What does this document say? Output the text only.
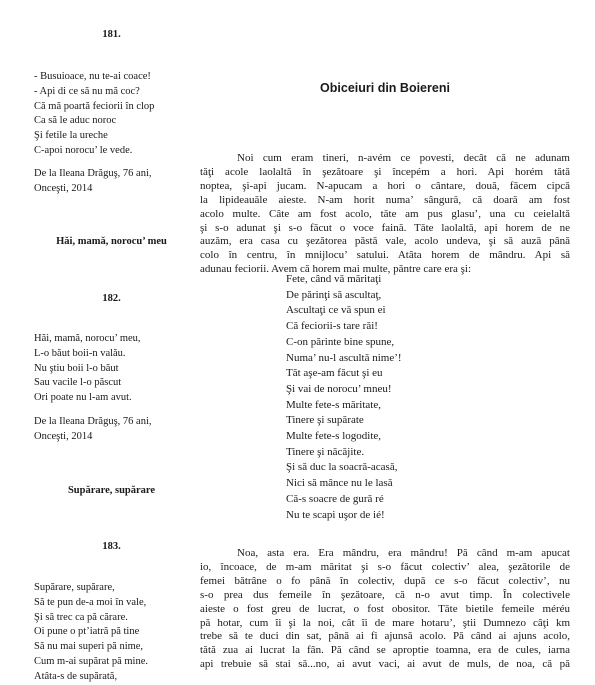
181.
- Busuioace, nu te-ai coace!
- Api di ce să nu mă coc?
Că mă poartă feciorii în clop
Ca să le aduc noroc
Şi fetile la ureche
C-apoi norocu’ le vede.
De la Ileana Drăguş, 76 ani,
Onceşti, 2014
Hăi, mamă, norocu’ meu
182.
Hăi, mamă, norocu’ meu,
L-o băut boii-n valău.
Nu ştiu boii l-o băut
Sau vacile l-o păscut
Ori poate nu l-am avut.
De la Ileana Drăguş, 76 ani,
Onceşti, 2014
Supărare, supărare
183.
Supărare, supărare,
Să te pun de-a moi în vale,
Şi să trec ca pă cărare.
Oi pune o pt’iatră pă tine
Să nu mai superi pă nime,
Cum m-ai supărat pă mine.
Atâta-s de supărată,
Obiceiuri din Boiereni
Noi cum eram tineri, n-avém ce povesti, decât că ne adunam
tăţi acole laolaltă în şezătoare şi începém a hori. Api horém tătă
noptea, şi-api jucam. N-apucam a hori o cântare, două, făcem cipcă
la lipideauăle aieste. N-am horit numa’ sângură, că doară am fost
acolo multe. Câte am fost acolo, tăte am pus glasu’, una cu ceielaltă
şi s-o adunat şi s-o făcut o voce faină. Tăte laolaltă, api horem de ne
auzăm, era casa cu şezătorea păstă vale, acolo undeva, şi să auză până
colo în centru, în mnijlocu’ satului. Atâta horem de mândru. Api să
adunau feciorii. Avem că horem mai multe, păntre care era şi:
Fete, când vă măritaţi
De părinţi să ascultaţ,
Ascultaţi ce vă spun ei
Că feciorii-s tare răi!
C-on părinte bine spune,
Numa’ nu-l ascultă nime’!
Tăt aşe-am făcut şi eu
Şi vai de norocu’ mneu!
Multe fete-s măritate,
Tinere şi supărate
Multe fete-s logodite,
Tinere şi năcăjite.
Şi să duc la soacră-acasă,
Nici să mânce nu le lasă
Că-s soacre de gură ré
Nu te scapi uşor de ié!
Noa, asta era. Era mândru, era mândru! Pă când m-am apucat
io, încoace, de m-am măritat şi s-o făcut colectiv’ alea, şezătorile de
femei bătrâne o fo până în colectiv, după ce s-o făcut colectiv’, nu
s-o prea dus femeile în şezătoare, că n-o avut timp. În colectivele
aieste o fost greu de lucrat, o fost obositor. Tăte bietile femeile méréu
pă hotar, cum îi şi la noi, cât îi de mare hotaru’, ştii Dumnezo câţi km
trebe să te duci din sat, până ai fi ajunsă acolo. Pă când ai ajuns acolo,
tătă zua ai lucrat la fân. Pă când se aproptie toamna, era de cules, iarna
api trebuie să stai să...no, ai avut vaci, ai avut de muls, de noa, că pă
